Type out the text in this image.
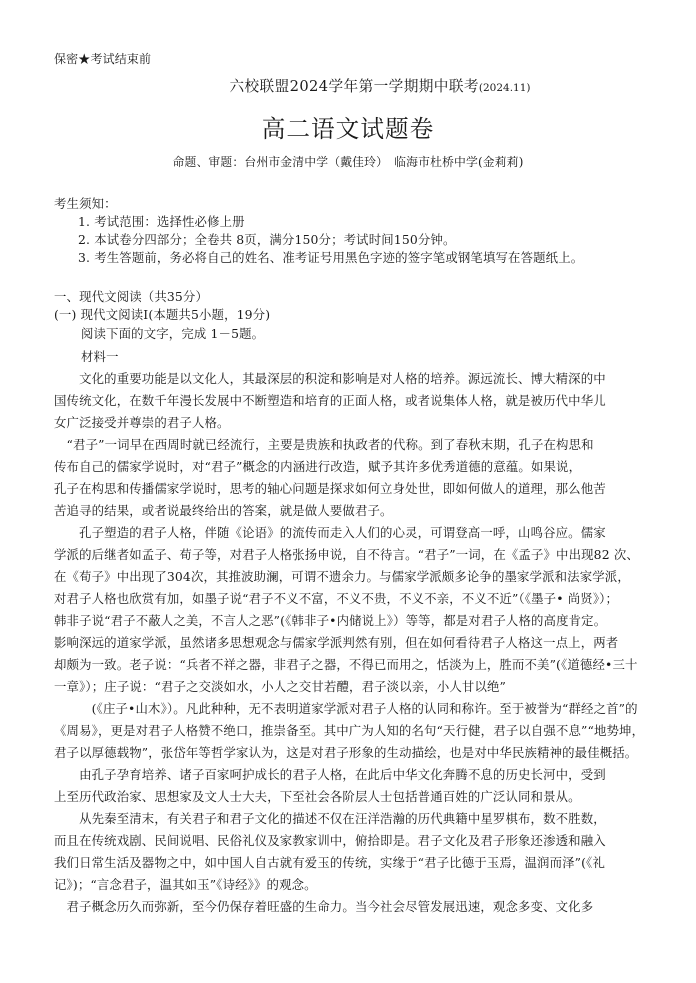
保密★考试结束前
六校联盟2024学年第一学期期中联考(2024.11)
高二语文试题卷
命题、审题：台州市金清中学（戴佳玲）　临海市杜桥中学(金莉莉)
考生须知：
1. 考试范围：选择性必修上册
2. 本试卷分四部分；全卷共 8页，满分150分；考试时间150分钟。
3. 考生答题前，务必将自己的姓名、准考证号用黑色字迹的签字笔或钢笔填写在答题纸上。
一、现代文阅读（共35分）
(一) 现代文阅读Ⅰ(本题共5小题，19分)
阅读下面的文字，完成 1－5题。
材料一
　　文化的重要功能是以文化人，其最深层的积淀和影响是对人格的培养。源远流长、博大精深的中
国传统文化，在数千年漫长发展中不断塑造和培育的正面人格，或者说集体人格，就是被历代中华儿
女广泛接受并尊崇的君子人格。
　“君子”一词早在西周时就已经流行，主要是贵族和执政者的代称。到了春秋末期，孔子在构思和
传布自己的儒家学说时，对“君子”概念的内涵进行改造，赋予其许多优秀道德的意蕴。如果说，
孔子在构思和传播儒家学说时，思考的轴心问题是探求如何立身处世，即如何做人的道理，那么他苦
苦追寻的结果，或者说最终给出的答案，就是做人要做君子。
　　孔子塑造的君子人格，伴随《论语》的流传而走入人们的心灵，可谓登高一呼，山鸣谷应。儒家
学派的后继者如孟子、荀子等，对君子人格张扬申说，自不待言。“君子”一词，在《孟子》中出现82 次、
在《荀子》中出现了304次，其推波助澜，可谓不遗余力。与儒家学派颇多论争的墨家学派和法家学派，
对君子人格也欣赏有加，如墨子说“君子不义不富，不义不贵，不义不亲，不义不近”（《墨子• 尚贤》）；
韩非子说“君子不蔽人之美，不言人之恶”(《韩非子•内储说上》）等等，都是对君子人格的高度肯定。
影响深远的道家学派，虽然诸多思想观念与儒家学派判然有别，但在如何看待君子人格这一点上，两者
却颇为一致。老子说：“兵者不祥之器，非君子之器，不得已而用之，恬淡为上，胜而不美”(《道德经•三十
一章》）；庄子说：“君子之交淡如水，小人之交甘若醴，君子淡以亲，小人甘以绝”
　　　(《庄子•山木》）。凡此种种，无不表明道家学派对君子人格的认同和称许。至于被誉为“群经之首”的
《周易》，更是对君子人格赞不绝口，推崇备至。其中广为人知的名句“天行健，君子以自强不息”“地势坤，
君子以厚德载物”，张岱年等哲学家认为，这是对君子形象的生动描绘，也是对中华民族精神的最佳概括。
　　由孔子孕育培养、诸子百家呵护成长的君子人格，在此后中华文化奔腾不息的历史长河中，受到
上至历代政治家、思想家及文人士大夫，下至社会各阶层人士包括普通百姓的广泛认同和景从。
　　从先秦至清末，有关君子和君子文化的描述不仅在汪洋浩瀚的历代典籍中星罗棋布，数不胜数，
而且在传统戏剧、民间说唱、民俗礼仪及家教家训中，俯拾即是。君子文化及君子形象还渗透和融入
我们日常生活及器物之中，如中国人自古就有爱玉的传统，实缘于“君子比德于玉焉，温润而泽”(《礼
记》)；“言念君子，温其如玉”《诗经》》的观念。
　君子概念历久而弥新，至今仍保存着旺盛的生命力。当今社会尽管发展迅速，观念多变、文化多
